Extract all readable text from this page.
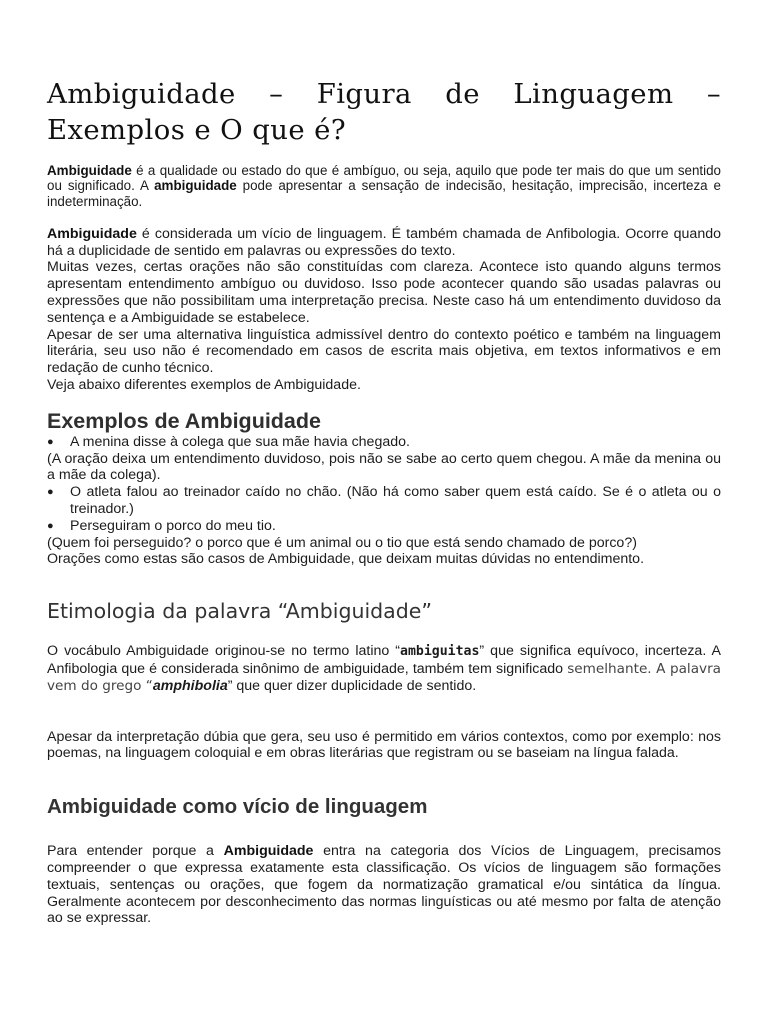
Ambiguidade – Figura de Linguagem – Exemplos e O que é?

Ambiguidade é a qualidade ou estado do que é ambíguo, ou seja, aquilo que pode ter mais do que um sentido ou significado. A ambiguidade pode apresentar a sensação de indecisão, hesitação, imprecisão, incerteza e indeterminação.

Ambiguidade é considerada um vício de linguagem. É também chamada de Anfibologia. Ocorre quando há a duplicidade de sentido em palavras ou expressões do texto.

Muitas vezes, certas orações não são constituídas com clareza. Acontece isto quando alguns termos apresentam entendimento ambíguo ou duvidoso. Isso pode acontecer quando são usadas palavras ou expressões que não possibilitam uma interpretação precisa. Neste caso há um entendimento duvidoso da sentença e a Ambiguidade se estabelece.

Apesar de ser uma alternativa linguística admissível dentro do contexto poético e também na linguagem literária, seu uso não é recomendado em casos de escrita mais objetiva, em textos informativos e em redação de cunho técnico.

Veja abaixo diferentes exemplos de Ambiguidade.

Exemplos de Ambiguidade
● A menina disse à colega que sua mãe havia chegado.

(A oração deixa um entendimento duvidoso, pois não se sabe ao certo quem chegou. A mãe da menina ou a mãe da colega).

● O atleta falou ao treinador caído no chão. (Não há como saber quem está caído. Se é o atleta ou o treinador.)
● Perseguiram o porco do meu tio.

(Quem foi perseguido? o porco que é um animal ou o tio que está sendo chamado de porco?)

Orações como estas são casos de Ambiguidade, que deixam muitas dúvidas no entendimento.

Etimologia da palavra “Ambiguidade”

O vocábulo Ambiguidade originou-se no termo latino “ambiguitas” que significa equívoco, incerteza. A Anfibologia que é considerada sinônimo de ambiguidade, também tem significado semelhante. A palavra vem do grego “amphibolia” que quer dizer duplicidade de sentido.

Apesar da interpretação dúbia que gera, seu uso é permitido em vários contextos, como por exemplo: nos poemas, na linguagem coloquial e em obras literárias que registram ou se baseiam na língua falada.

Ambiguidade como vício de linguagem

Para entender porque a Ambiguidade entra na categoria dos Vícios de Linguagem, precisamos compreender o que expressa exatamente esta classificação. Os vícios de linguagem são formações textuais, sentenças ou orações, que fogem da normatização gramatical e/ou sintática da língua. Geralmente acontecem por desconhecimento das normas linguísticas ou até mesmo por falta de atenção ao se expressar.
